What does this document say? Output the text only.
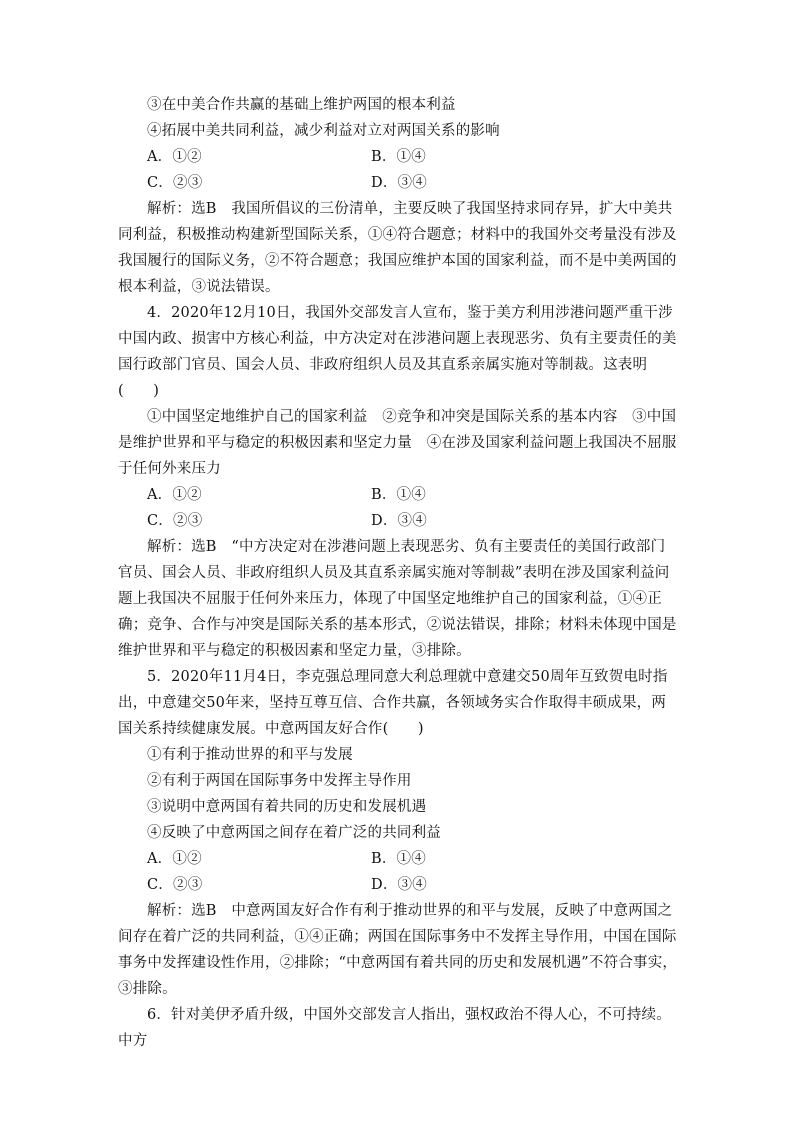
③在中美合作共赢的基础上维护两国的根本利益

④拓展中美共同利益，减少利益对立对两国关系的影响

A．①②	B．①④
C．②③	D．③④

解析：选B　我国所倡议的三份清单，主要反映了我国坚持求同存异，扩大中美共同利益，积极推动构建新型国际关系，①④符合题意；材料中的我国外交考量没有涉及我国履行的国际义务，②不符合题意；我国应维护本国的国家利益，而不是中美两国的根本利益，③说法错误。

4．2020年12月10日，我国外交部发言人宣布，鉴于美方利用涉港问题严重干涉中国内政、损害中方核心利益，中方决定对在涉港问题上表现恶劣、负有主要责任的美国行政部门官员、国会人员、非政府组织人员及其直系亲属实施对等制裁。这表明(　　)

①中国坚定地维护自己的国家利益　②竞争和冲突是国际关系的基本内容　③中国是维护世界和平与稳定的积极因素和坚定力量　④在涉及国家利益问题上我国决不屈服于任何外来压力

A．①②	B．①④
C．②③	D．③④

解析：选B　“中方决定对在涉港问题上表现恶劣、负有主要责任的美国行政部门官员、国会人员、非政府组织人员及其直系亲属实施对等制裁”表明在涉及国家利益问题上我国决不屈服于任何外来压力，体现了中国坚定地维护自己的国家利益，①④正确；竞争、合作与冲突是国际关系的基本形式，②说法错误，排除；材料未体现中国是维护世界和平与稳定的积极因素和坚定力量，③排除。

5．2020年11月4日，李克强总理同意大利总理就中意建交50周年互致贺电时指出，中意建交50年来，坚持互尊互信、合作共赢，各领域务实合作取得丰硕成果，两国关系持续健康发展。中意两国友好合作(　　)

①有利于推动世界的和平与发展

②有利于两国在国际事务中发挥主导作用

③说明中意两国有着共同的历史和发展机遇

④反映了中意两国之间存在着广泛的共同利益

A．①②	B．①④
C．②③	D．③④

解析：选B　中意两国友好合作有利于推动世界的和平与发展，反映了中意两国之间存在着广泛的共同利益，①④正确；两国在国际事务中不发挥主导作用，中国在国际事务中发挥建设性作用，②排除；“中意两国有着共同的历史和发展机遇”不符合事实，③排除。

6．针对美伊矛盾升级，中国外交部发言人指出，强权政治不得人心，不可持续。中方
